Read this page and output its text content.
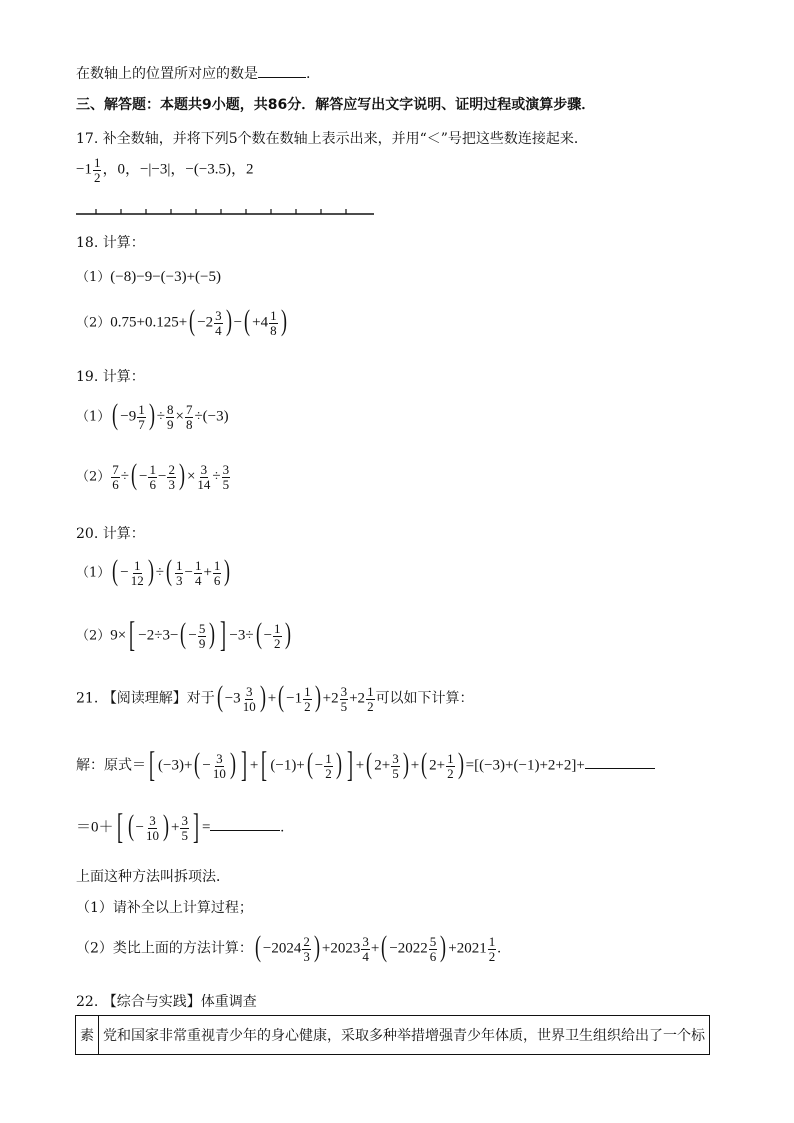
在数轴上的位置所对应的数是	.
三、解答题：本题共9小题，共86分．解答应写出文字说明、证明过程或演算步骤．
17. 补全数轴，并将下列5个数在数轴上表示出来，并用“＜”号把这些数连接起来．
$-1 \frac{1}{2}$ ，0，−|−3|，−(−3.5)，2
18. 计算：
（1）(−8)−9−(−3)+(−5)
$(2)0.75+0.125+( -2 \frac{3}{4}$ ) −( $+4 \frac{1}{8}$ )
19. 计算：
$(1)( -9 \frac{1}{7}$ ) ÷ $\frac{8}{9} \times \frac{7}{8} \div(-3)$
$(2) \frac{7}{6}$ ÷( − $\frac{1}{6} - \frac{2}{3}$ ) × $\frac{3}{14} \div \frac{3}{5}$
20. 计算：
$(1)( - \frac{1}{12}$ ) ÷( $\frac{1}{3} - \frac{1}{4} + \frac{1}{6}$ )
$(2)9\times[ -2\div 3-( - \frac{5}{9}$ ) ] $-3\div( - \frac{1}{2}$ )
21. 【阅读理解】对于( $-3 \frac{3}{10}$ ) +( $-1 \frac{1}{2}$ ) $+2 \frac{3}{5} +2 \frac{1}{2}$ 可以如下计算：
解：原式＝[ $(-3)+( - \frac{3}{10}$ ) ] +[ $(-1)+( - \frac{1}{2}$ ) ] +( $2+ \frac{3}{5}$ ) +( $2+ \frac{1}{2}$ ) =[(−3)+(−1)+2+2]+
＝0＋[ ( − $\frac{3}{10}$ ) + $\frac{3}{5}$ ] =	.
上面这种方法叫拆项法．
（1）请补全以上计算过程；
（2）类比上面的方法计算：( $-2024 \frac{2}{3}$ ) $+2023 \frac{3}{4}$ +( $-2022 \frac{5}{6}$ ) $+2021 \frac{1}{2}$ .
22. 【综合与实践】体重调查
素	党和国家非常重视青少年的身心健康，采取多种举措增强青少年体质，世界卫生组织给出了一个标
